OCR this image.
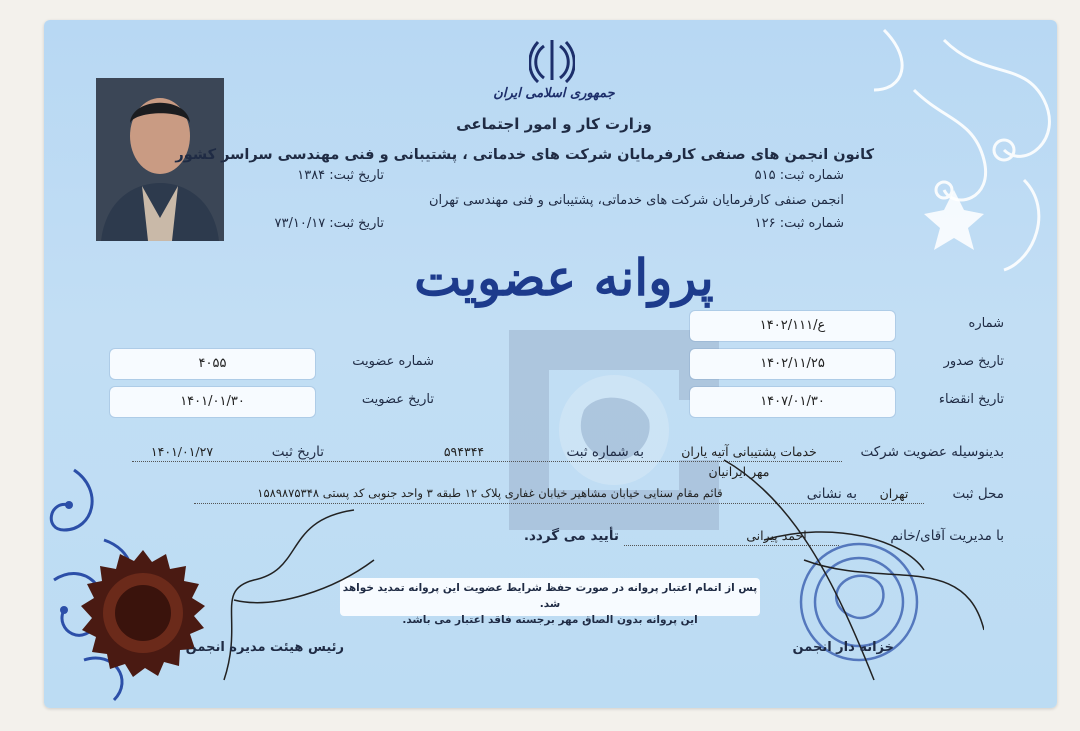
جمهوری اسلامی ایران
وزارت کار و امور اجتماعی
کانون انجمن های صنفی کارفرمایان شرکت های خدماتی ، پشتیبانی و فنی مهندسی سراسر کشور
شماره ثبت: ۵۱۵
تاریخ ثبت: ۱۳۸۴
انجمن صنفی کارفرمایان شرکت های خدماتی، پشتیبانی و فنی مهندسی تهران
شماره ثبت: ۱۲۶
تاریخ ثبت: ۷۳/۱۰/۱۷
پروانه عضویت
شماره
۱۴۰۲/ع/۱۱۱
تاریخ صدور
۱۴۰۲/۱۱/۲۵
تاریخ انقضاء
۱۴۰۷/۰۱/۳۰
شماره عضویت
۴۰۵۵
تاریخ عضویت
۱۴۰۱/۰۱/۳۰
بدینوسیله عضویت شرکت
خدمات پشتیبانی آتیه یاران
به شماره ثبت
۵۹۴۳۴۴
تاریخ ثبت
۱۴۰۱/۰۱/۲۷
مهر ایرانیان
محل ثبت
تهران
به نشانی
قائم مقام سنایی خیابان مشاهیر خیابان غفاری پلاک ۱۲ طبقه ۳ واحد جنوبی کد پستی ۱۵۸۹۸۷۵۳۴۸
با مدیریت آقای/خانم
احمد پیرانی
تأیید می گردد.
پس از اتمام اعتبار پروانه در صورت حفظ شرایط عضویت این پروانه تمدید خواهد شد.
این پروانه بدون الصاق مهر برجسته فاقد اعتبار می باشد.
رئیس هیئت مدیره انجمن	خزانه دار انجمن
